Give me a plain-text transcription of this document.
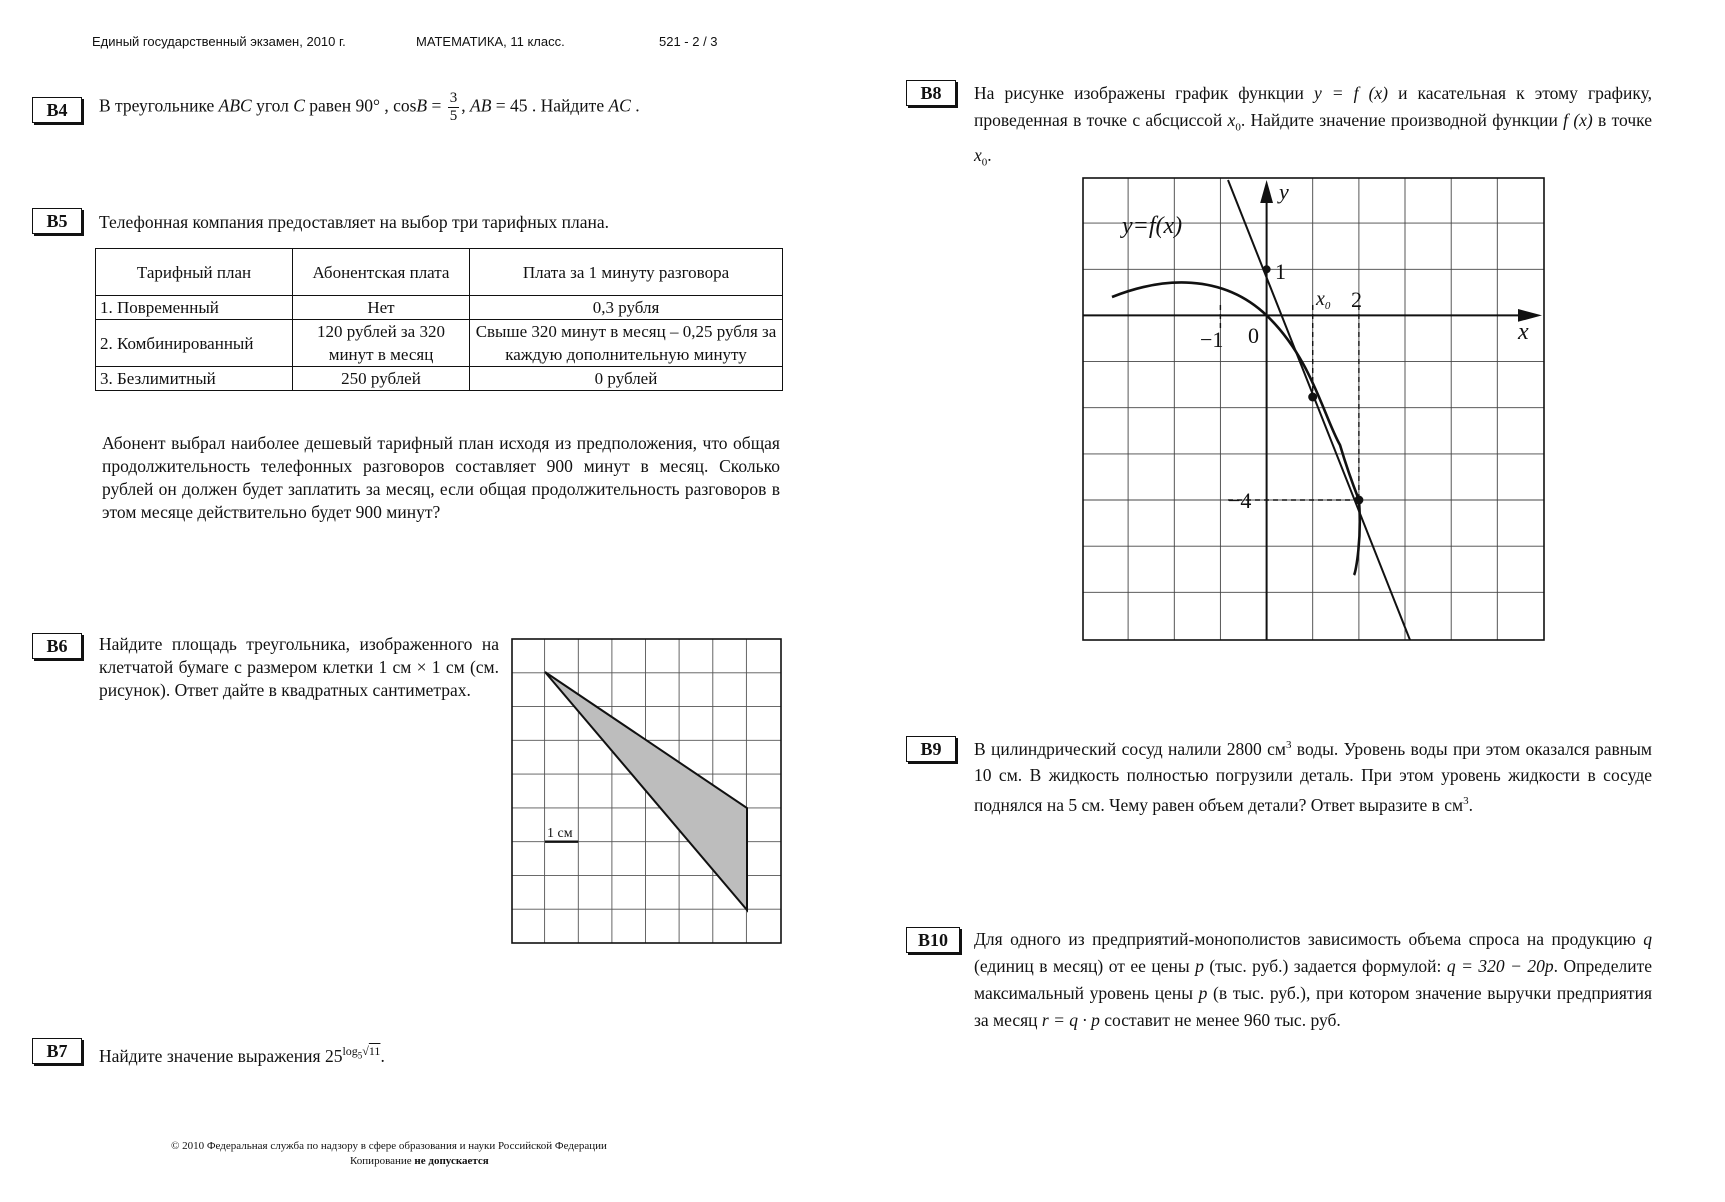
Единый государственный экзамен, 2010 г.	МАТЕМАТИКА, 11 класс.	521 - 2 / 3
B4	В треугольнике ABC угол C равен 90° , $\cos B = \frac{3}{5}$ , AB = 45 . Найдите AC .
B5	Телефонная компания предоставляет на выбор три тарифных плана.
Тарифный план	Абонентская плата	Плата за 1 минуту разговора
1. Повременный	Нет	0,3 рубля
2. Комбинированный	120 рублей за 320 минут в месяц	Свыше 320 минут в месяц – 0,25 рубля за каждую дополнительную минуту
3. Безлимитный	250 рублей	0 рублей
Абонент выбрал наиболее дешевый тарифный план исходя из предположения, что общая продолжительность телефонных разговоров составляет 900 минут в месяц. Сколько рублей он должен будет заплатить за месяц, если общая продолжительность разговоров в этом месяце действительно будет 900 минут?
B6	Найдите площадь треугольника, изображенного на клетчатой бумаге с размером клетки 1 см × 1 см (см. рисунок). Ответ дайте в квадратных сантиметрах.
1 см
B7	Найдите значение выражения $25^{log_5√11}$.
B8	На рисунке изображены график функции y = f (x) и касательная к этому графику, проведенная в точке с абсциссой $x_0$. Найдите значение производной функции f (x) в точке $x_0$.
y=f(x)
y
x
1
0
−1
2
−4
$x_0$
B9	В цилиндрический сосуд налили 2800 $см^3$ воды. Уровень воды при этом оказался равным 10 см. В жидкость полностью погрузили деталь. При этом уровень жидкости в сосуде поднялся на 5 см. Чему равен объем детали? Ответ выразите в $см^3$.
B10	Для одного из предприятий-монополистов зависимость объема спроса на продукцию q (единиц в месяц) от ее цены p (тыс. руб.) задается формулой: q = 320 − 20p. Определите максимальный уровень цены p (в тыс. руб.), при котором значение выручки предприятия за месяц r = q · p составит не менее 960 тыс. руб.
© 2010 Федеральная служба по надзору в сфере образования и науки Российской Федерации
Копирование не допускается
